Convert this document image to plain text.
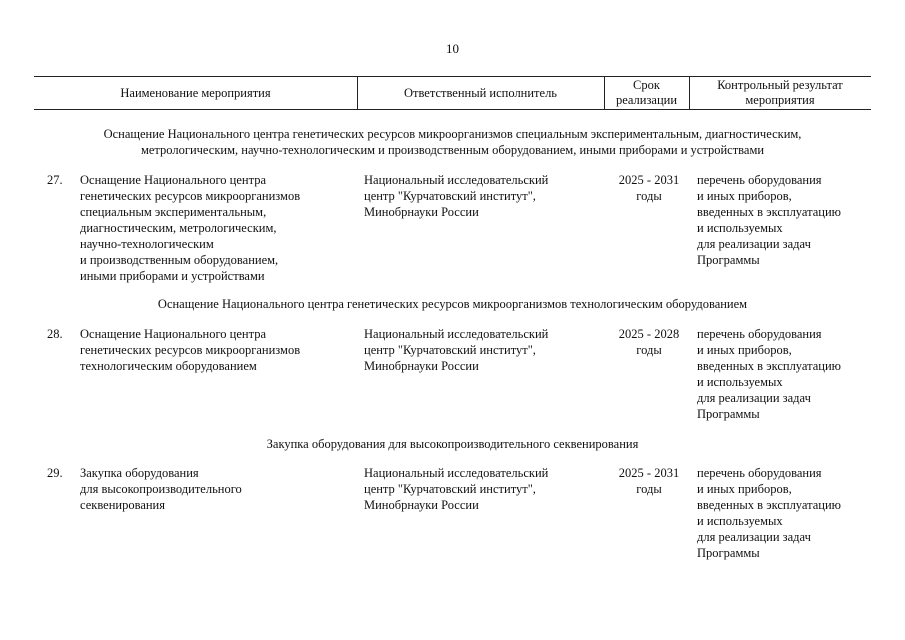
10
Наименование мероприятия	Ответственный исполнитель
Срок
реализации
Контрольный результат
мероприятия
Оснащение Национального центра генетических ресурсов микроорганизмов специальным экспериментальным, диагностическим,
метрологическим, научно-технологическим и производственным оборудованием, иными приборами и устройствами
27. Оснащение Национального центра
генетических ресурсов микроорганизмов
специальным экспериментальным,
диагностическим, метрологическим,
научно-технологическим
и производственным оборудованием,
иными приборами и устройствами
Национальный исследовательский
центр "Курчатовский институт",
Минобрнауки России
2025 - 2031
годы
перечень оборудования
и иных приборов,
введенных в эксплуатацию
и используемых
для реализации задач
Программы
Оснащение Национального центра генетических ресурсов микроорганизмов технологическим оборудованием
28. Оснащение Национального центра
генетических ресурсов микроорганизмов
технологическим оборудованием
Национальный исследовательский
центр "Курчатовский институт",
Минобрнауки России
2025 - 2028
годы
перечень оборудования
и иных приборов,
введенных в эксплуатацию
и используемых
для реализации задач
Программы
Закупка оборудования для высокопроизводительного секвенирования
29. Закупка оборудования
для высокопроизводительного
секвенирования
Национальный исследовательский
центр "Курчатовский институт",
Минобрнауки России
2025 - 2031
годы
перечень оборудования
и иных приборов,
введенных в эксплуатацию
и используемых
для реализации задач
Программы
